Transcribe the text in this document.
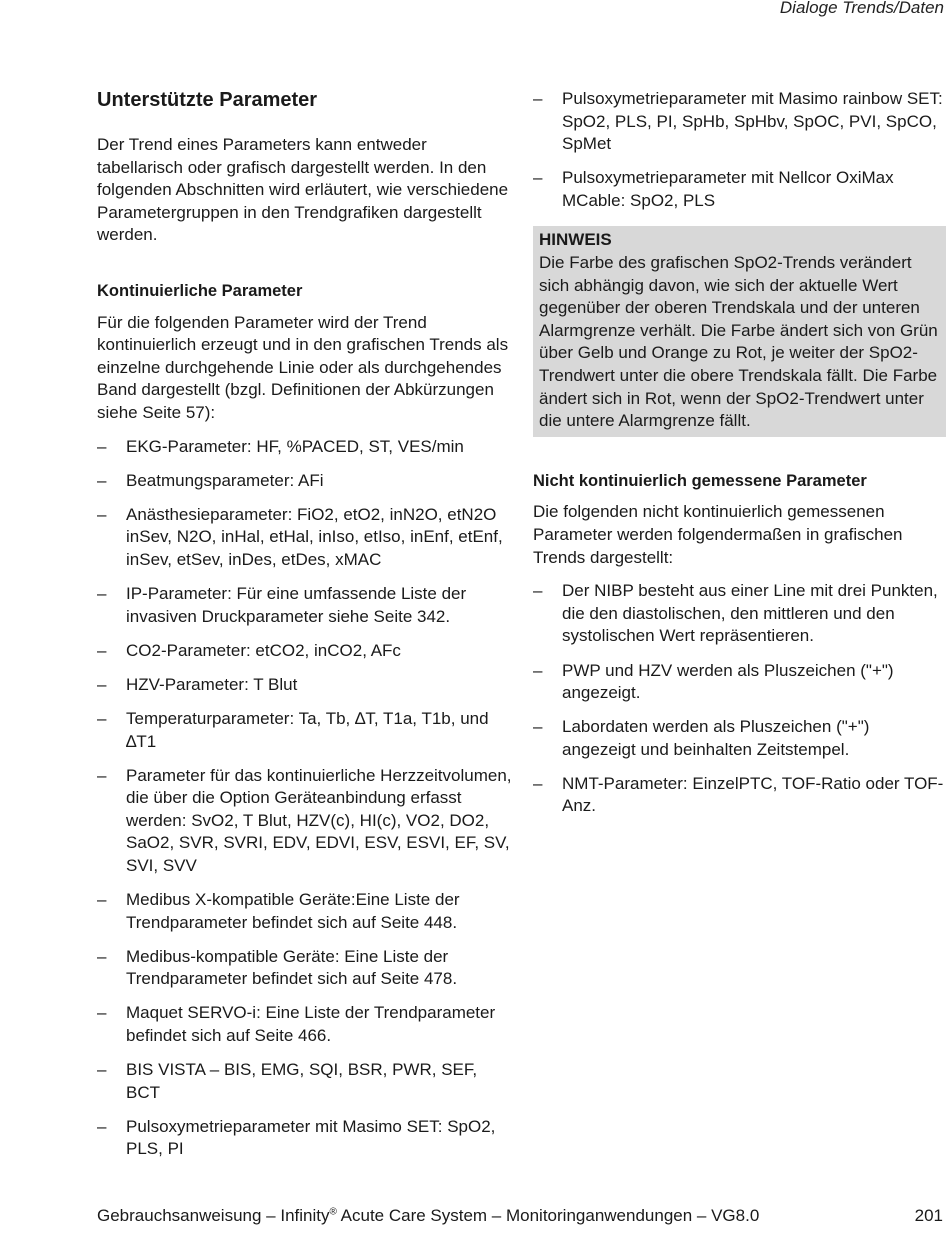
Dialoge Trends/Daten
Unterstützte Parameter

Der Trend eines Parameters kann entweder tabellarisch oder grafisch dargestellt werden. In den folgenden Abschnitten wird erläutert, wie verschiedene Parametergruppen in den Trendgrafiken dargestellt werden.

Kontinuierliche Parameter

Für die folgenden Parameter wird der Trend kontinuierlich erzeugt und in den grafischen Trends als einzelne durchgehende Linie oder als durchgehendes Band dargestellt (bzgl. Definitionen der Abkürzungen siehe Seite 57):

– EKG-Parameter: HF, %PACED, ST, VES/min
– Beatmungsparameter: AFi
– Anästhesieparameter: FiO2, etO2, inN2O, etN2O inSev, N2O, inHal, etHal, inIso, etIso, inEnf, etEnf, inSev, etSev, inDes, etDes, xMAC
– IP-Parameter: Für eine umfassende Liste der invasiven Druckparameter siehe Seite 342.
– CO2-Parameter: etCO2, inCO2, AFc
– HZV-Parameter: T Blut
– Temperaturparameter: Ta, Tb, ∆T, T1a, T1b, und ∆T1
– Parameter für das kontinuierliche Herzzeitvolumen, die über die Option Geräteanbindung erfasst werden: SvO2, T Blut, HZV(c), HI(c), VO2, DO2, SaO2, SVR, SVRI, EDV, EDVI, ESV, ESVI, EF, SV, SVI, SVV
– Medibus X-kompatible Geräte:Eine Liste der Trendparameter befindet sich auf Seite 448.
– Medibus-kompatible Geräte: Eine Liste der Trendparameter befindet sich auf Seite 478.
– Maquet SERVO-i: Eine Liste der Trendparameter befindet sich auf Seite 466.
– BIS VISTA – BIS, EMG, SQI, BSR, PWR, SEF, BCT
– Pulsoxymetrieparameter mit Masimo SET: SpO2, PLS, PI
– Pulsoxymetrieparameter mit Masimo rainbow SET: SpO2, PLS, PI, SpHb, SpHbv, SpOC, PVI, SpCO, SpMet
– Pulsoxymetrieparameter mit Nellcor OxiMax MCable: SpO2, PLS
HINWEIS
Die Farbe des grafischen SpO2-Trends verändert sich abhängig davon, wie sich der aktuelle Wert gegenüber der oberen Trendskala und der unteren Alarmgrenze verhält. Die Farbe ändert sich von Grün über Gelb und Orange zu Rot, je weiter der SpO2-Trendwert unter die obere Trendskala fällt. Die Farbe ändert sich in Rot, wenn der SpO2-Trendwert unter die untere Alarmgrenze fällt.
Nicht kontinuierlich gemessene Parameter

Die folgenden nicht kontinuierlich gemessenen Parameter werden folgendermaßen in grafischen Trends dargestellt:

– Der NIBP besteht aus einer Line mit drei Punkten, die den diastolischen, den mittleren und den systolischen Wert repräsentieren.
– PWP und HZV werden als Pluszeichen ("+") angezeigt.
– Labordaten werden als Pluszeichen ("+") angezeigt und beinhalten Zeitstempel.
– NMT-Parameter: EinzelPTC, TOF-Ratio oder TOF-Anz.
Gebrauchsanweisung – Infinity® Acute Care System – Monitoringanwendungen – VG8.0	201
